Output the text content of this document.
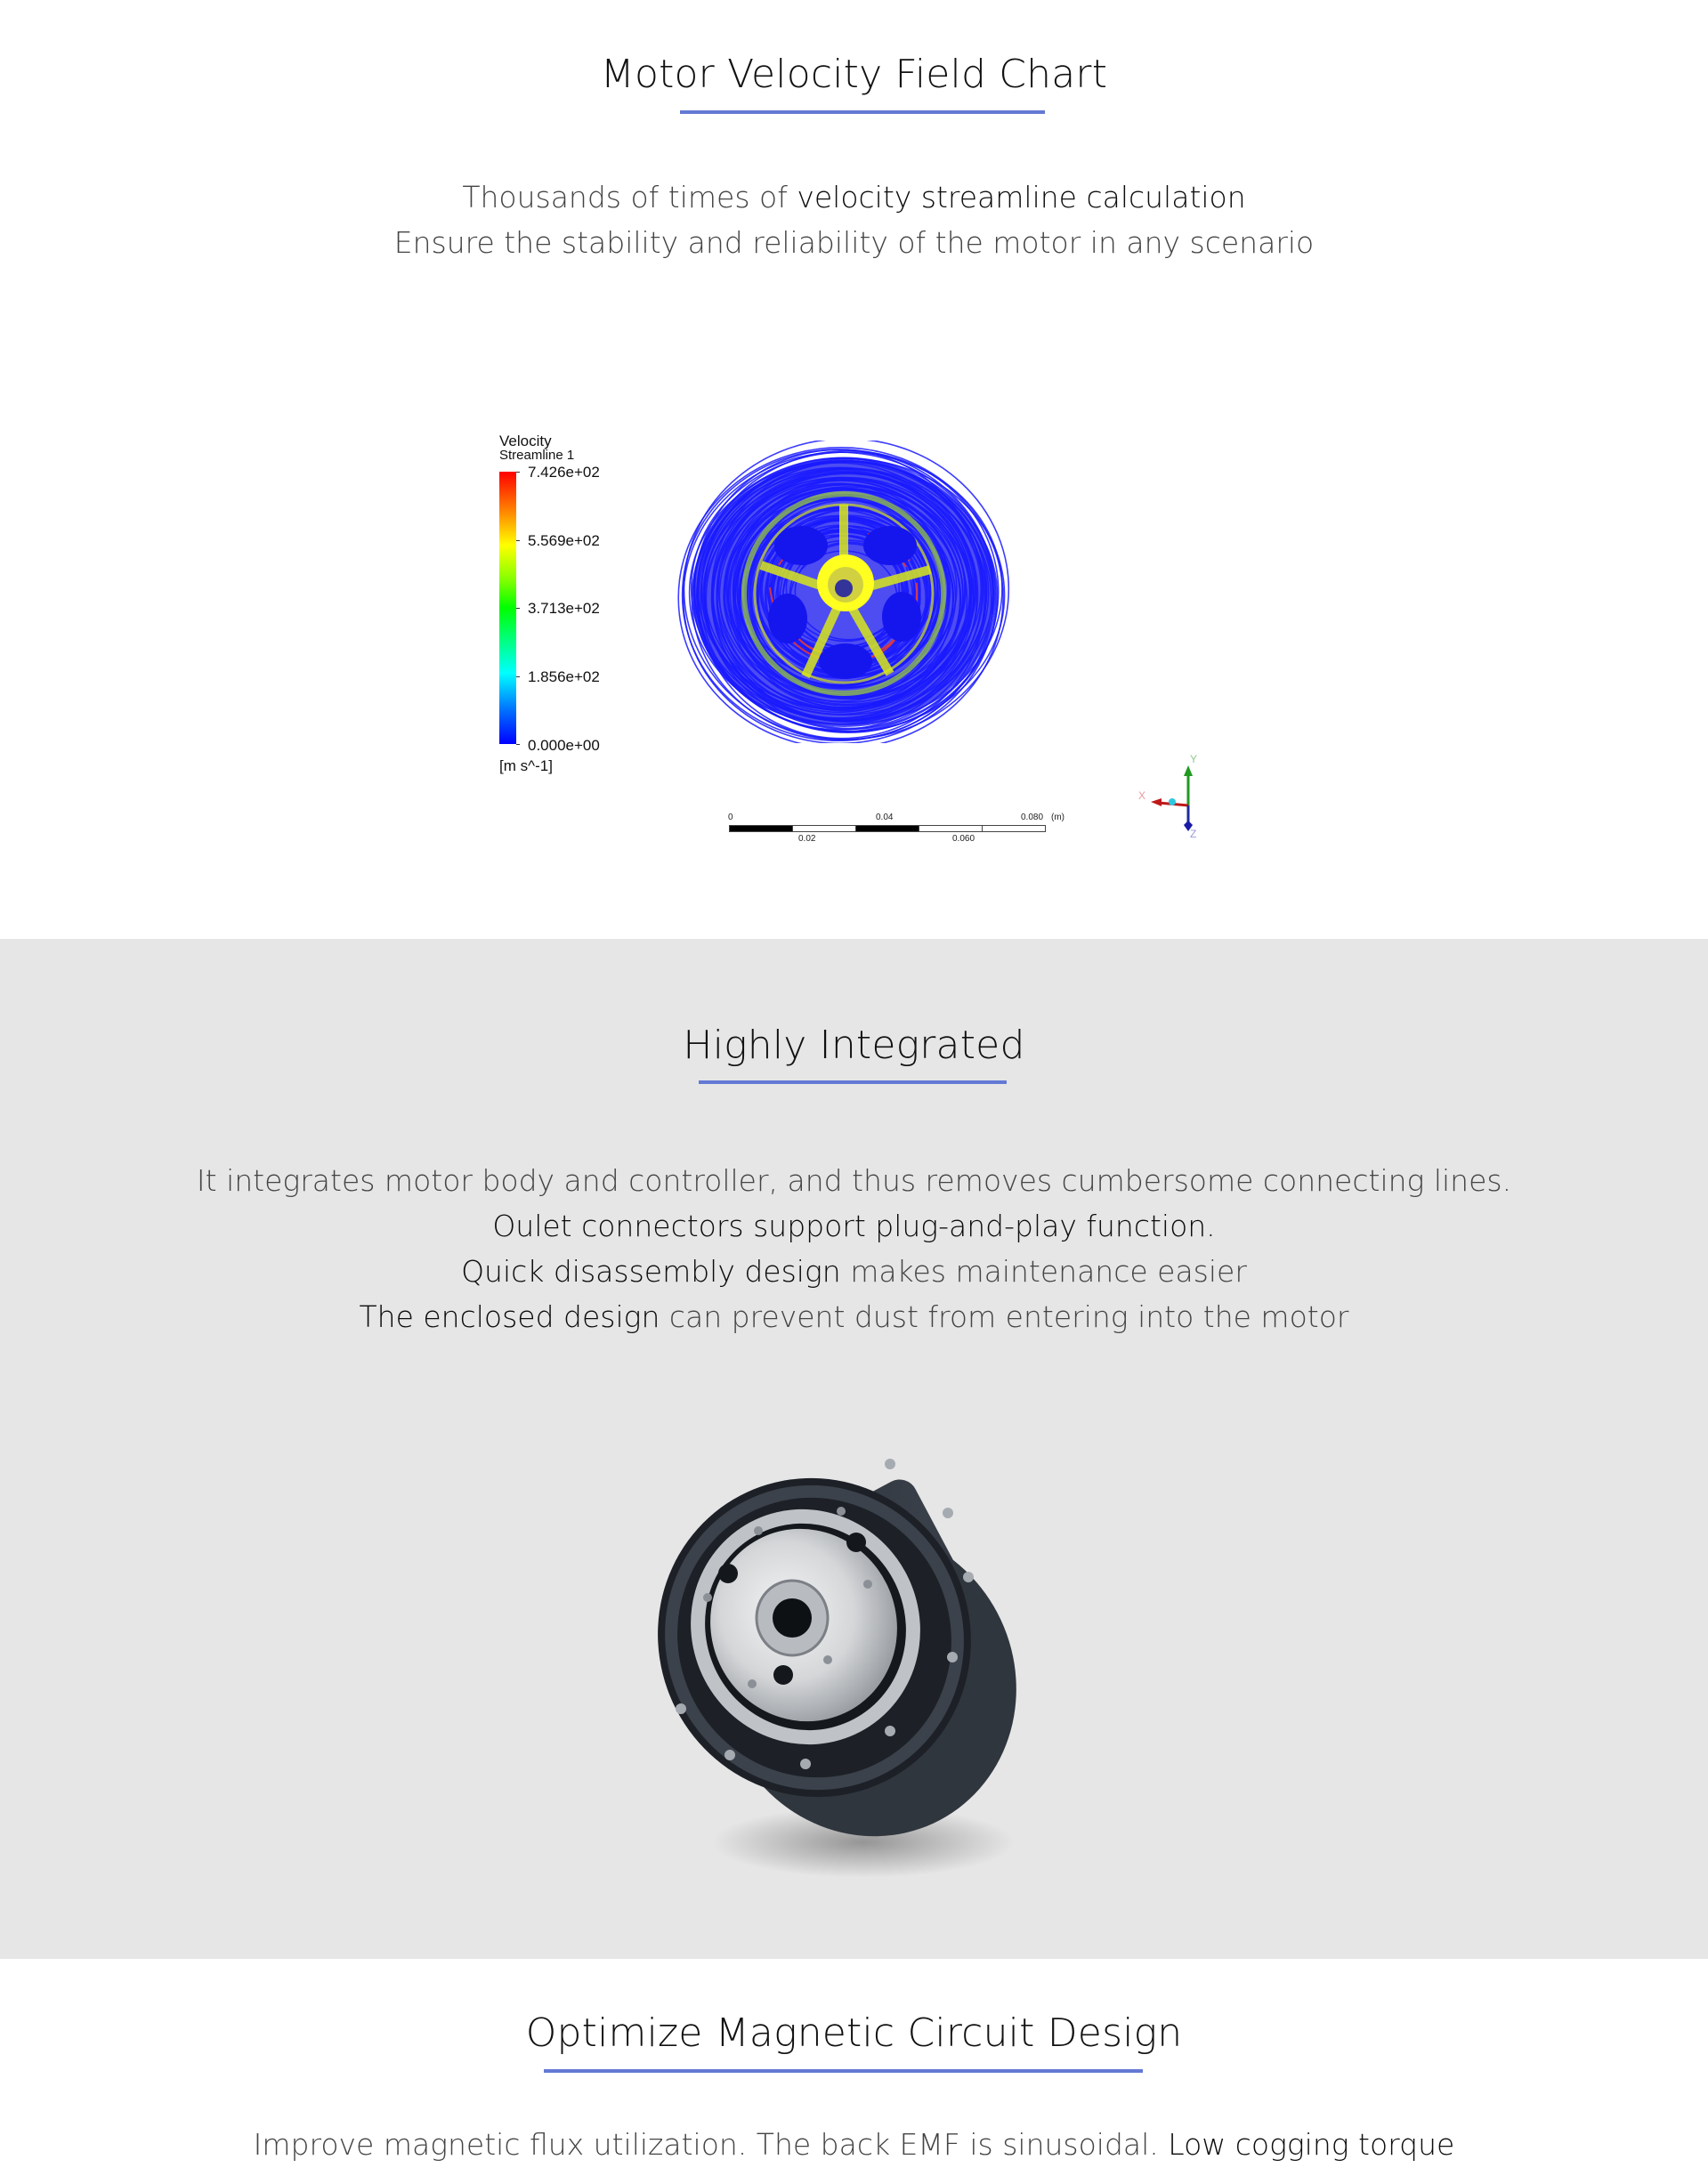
Motor Velocity Field Chart
Thousands of times of velocity streamline calculation
Ensure the stability and reliability of the motor in any scenario
Velocity
Streamline 1
7.426e+02
5.569e+02
3.713e+02
1.856e+02
0.000e+00
[m s^-1]
0	0.04	0.080 (m)
0.02	0.060
Y
X
Z
Highly Integrated
It integrates motor body and controller, and thus removes cumbersome connecting lines.
Oulet connectors support plug-and-play function.
Quick disassembly design makes maintenance easier
The enclosed design can prevent dust from entering into the motor
Optimize Magnetic Circuit Design
Improve magnetic flux utilization. The back EMF is sinusoidal. Low cogging torque
